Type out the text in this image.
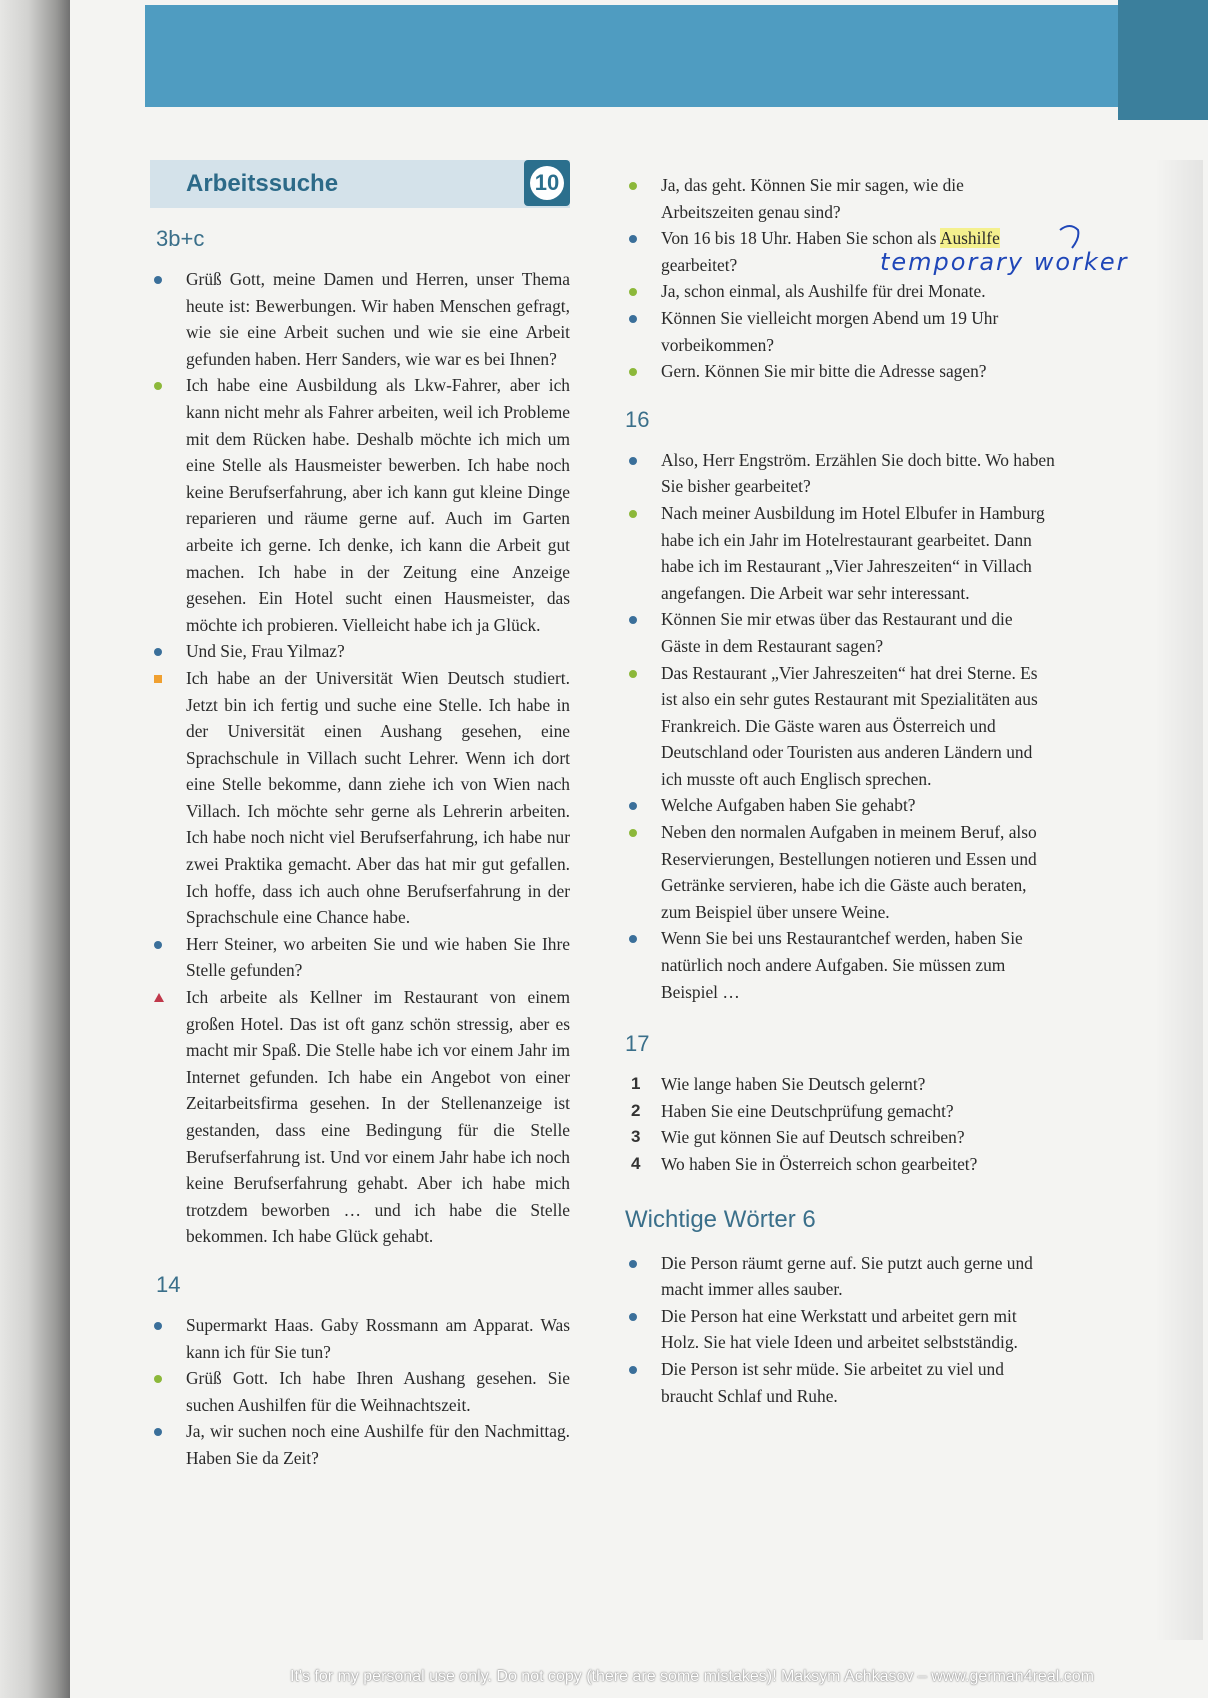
Arbeitssuche	10
3b+c
Grüß Gott, meine Damen und Herren, unser Thema heute ist: Bewerbungen. Wir haben Menschen gefragt, wie sie eine Arbeit suchen und wie sie eine Arbeit gefunden haben. Herr Sanders, wie war es bei Ihnen?
Ich habe eine Ausbildung als Lkw-Fahrer, aber ich kann nicht mehr als Fahrer arbeiten, weil ich Probleme mit dem Rücken habe. Deshalb möchte ich mich um eine Stelle als Hausmeister bewerben. Ich habe noch keine Berufserfahrung, aber ich kann gut kleine Dinge reparieren und räume gerne auf. Auch im Garten arbeite ich gerne. Ich denke, ich kann die Arbeit gut machen. Ich habe in der Zeitung eine Anzeige gesehen. Ein Hotel sucht einen Hausmeister, das möchte ich probieren. Vielleicht habe ich ja Glück.
Und Sie, Frau Yilmaz?
Ich habe an der Universität Wien Deutsch studiert. Jetzt bin ich fertig und suche eine Stelle. Ich habe in der Universität einen Aushang gesehen, eine Sprachschule in Villach sucht Lehrer. Wenn ich dort eine Stelle bekomme, dann ziehe ich von Wien nach Villach. Ich möchte sehr gerne als Lehrerin arbeiten. Ich habe noch nicht viel Berufserfahrung, ich habe nur zwei Praktika gemacht. Aber das hat mir gut gefallen. Ich hoffe, dass ich auch ohne Berufserfahrung in der Sprachschule eine Chance habe.
Herr Steiner, wo arbeiten Sie und wie haben Sie Ihre Stelle gefunden?
Ich arbeite als Kellner im Restaurant von einem großen Hotel. Das ist oft ganz schön stressig, aber es macht mir Spaß. Die Stelle habe ich vor einem Jahr im Internet gefunden. Ich habe ein Angebot von einer Zeitarbeitsfirma gesehen. In der Stellenanzeige ist gestanden, dass eine Bedingung für die Stelle Berufserfahrung ist. Und vor einem Jahr habe ich noch keine Berufserfahrung gehabt. Aber ich habe mich trotzdem beworben … und ich habe die Stelle bekommen. Ich habe Glück gehabt.
14
Supermarkt Haas. Gaby Rossmann am Apparat. Was kann ich für Sie tun?
Grüß Gott. Ich habe Ihren Aushang gesehen. Sie suchen Aushilfen für die Weihnachtszeit.
Ja, wir suchen noch eine Aushilfe für den Nachmittag. Haben Sie da Zeit?
Ja, das geht. Können Sie mir sagen, wie die Arbeitszeiten genau sind?
Von 16 bis 18 Uhr. Haben Sie schon als Aushilfe gearbeitet?
Ja, schon einmal, als Aushilfe für drei Monate.
Können Sie vielleicht morgen Abend um 19 Uhr vorbeikommen?
Gern. Können Sie mir bitte die Adresse sagen?
16
Also, Herr Engström. Erzählen Sie doch bitte. Wo haben Sie bisher gearbeitet?
Nach meiner Ausbildung im Hotel Elbufer in Hamburg habe ich ein Jahr im Hotelrestaurant gearbeitet. Dann habe ich im Restaurant „Vier Jahreszeiten“ in Villach angefangen. Die Arbeit war sehr interessant.
Können Sie mir etwas über das Restaurant und die Gäste in dem Restaurant sagen?
Das Restaurant „Vier Jahreszeiten“ hat drei Sterne. Es ist also ein sehr gutes Restaurant mit Spezialitäten aus Frankreich. Die Gäste waren aus Österreich und Deutschland oder Touristen aus anderen Ländern und ich musste oft auch Englisch sprechen.
Welche Aufgaben haben Sie gehabt?
Neben den normalen Aufgaben in meinem Beruf, also Reservierungen, Bestellungen notieren und Essen und Getränke servieren, habe ich die Gäste auch beraten, zum Beispiel über unsere Weine.
Wenn Sie bei uns Restaurantchef werden, haben Sie natürlich noch andere Aufgaben. Sie müssen zum Beispiel …
17
1 Wie lange haben Sie Deutsch gelernt?
2 Haben Sie eine Deutschprüfung gemacht?
3 Wie gut können Sie auf Deutsch schreiben?
4 Wo haben Sie in Österreich schon gearbeitet?
Wichtige Wörter 6
Die Person räumt gerne auf. Sie putzt auch gerne und macht immer alles sauber.
Die Person hat eine Werkstatt und arbeitet gern mit Holz. Sie hat viele Ideen und arbeitet selbstständig.
Die Person ist sehr müde. Sie arbeitet zu viel und braucht Schlaf und Ruhe.
temporary worker
It's for my personal use only. Do not copy (there are some mistakes)! Maksym Achkasov – www.german4real.com
